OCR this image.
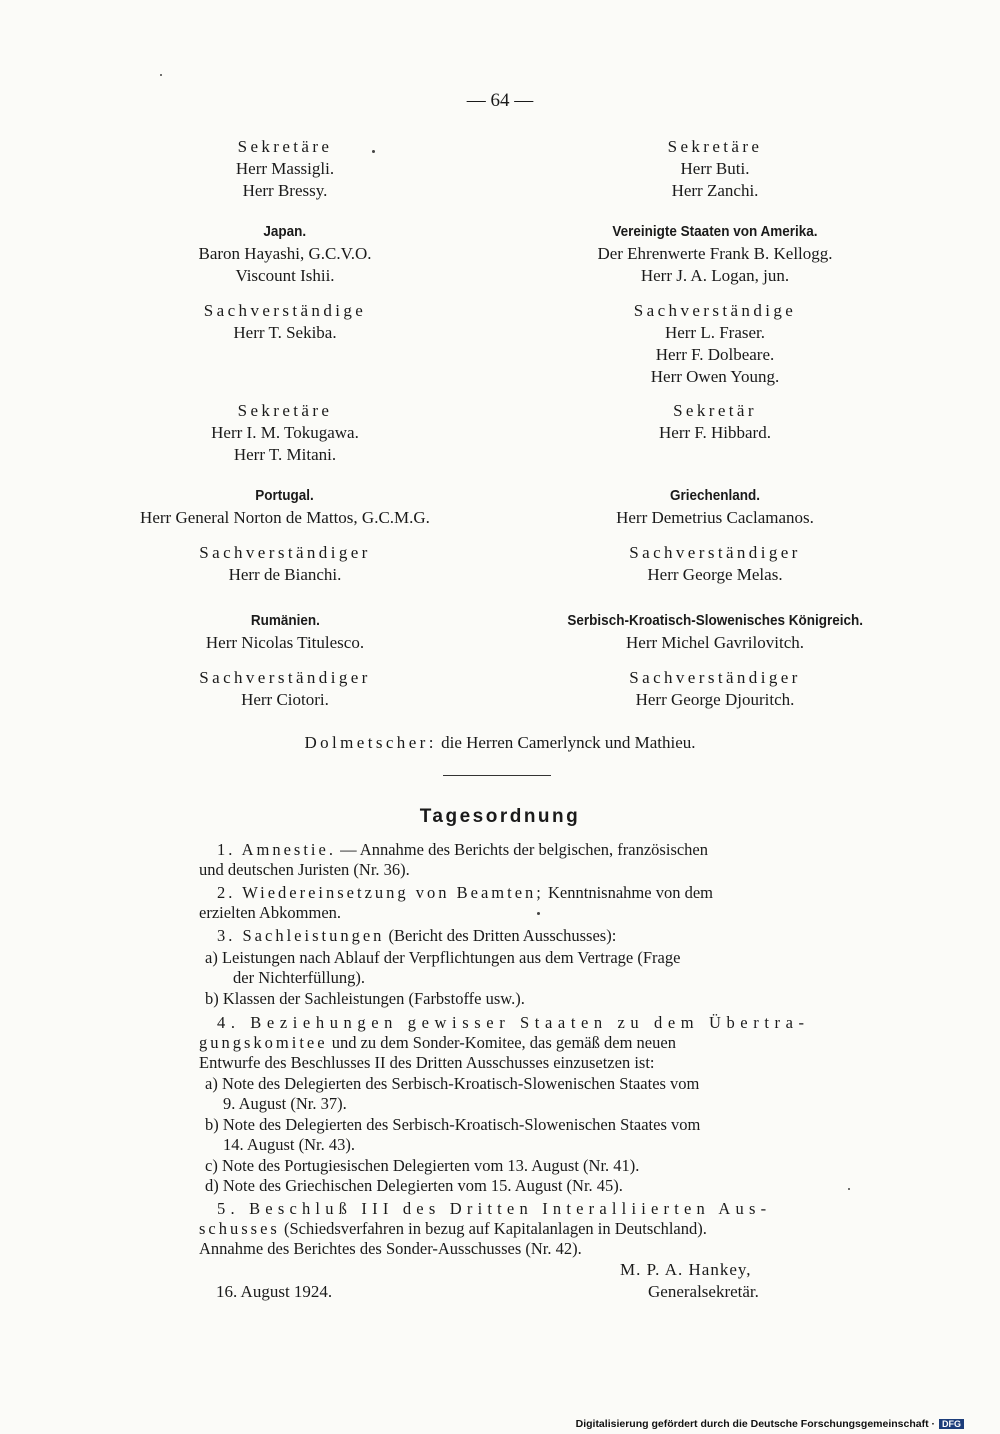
— 64 —
Sekretäre
Herr Massigli.
Herr Bressy.
Japan.
Baron Hayashi, G.C.V.O.
Viscount Ishii.
Sachverständige
Herr T. Sekiba.
Sekretäre
Herr I. M. Tokugawa.
Herr T. Mitani.
Portugal.
Herr General Norton de Mattos, G.C.M.G.
Sachverständiger
Herr de Bianchi.
Rumänien.
Herr Nicolas Titulesco.
Sachverständiger
Herr Ciotori.
Sekretäre
Herr Buti.
Herr Zanchi.
Vereinigte Staaten von Amerika.
Der Ehrenwerte Frank B. Kellogg.
Herr J. A. Logan, jun.
Sachverständige
Herr L. Fraser.
Herr F. Dolbeare.
Herr Owen Young.
Sekretär
Herr F. Hibbard.
Griechenland.
Herr Demetrius Caclamanos.
Sachverständiger
Herr George Melas.
Serbisch-Kroatisch-Slowenisches Königreich.
Herr Michel Gavrilovitch.
Sachverständiger
Herr George Djouritch.
Dolmetscher: die Herren Camerlynck und Mathieu.
Tagesordnung
1. Amnestie. — Annahme des Berichts der belgischen, französischen
und deutschen Juristen (Nr. 36).
2. Wiedereinsetzung von Beamten; Kenntnisnahme von dem
erzielten Abkommen.
3. Sachleistungen (Bericht des Dritten Ausschusses):
a) Leistungen nach Ablauf der Verpflichtungen aus dem Vertrage (Frage
der Nichterfüllung).
b) Klassen der Sachleistungen (Farbstoffe usw.).
4. Beziehungen gewisser Staaten zu dem Übertra-
gungskomitee und zu dem Sonder-Komitee, das gemäß dem neuen
Entwurfe des Beschlusses II des Dritten Ausschusses einzusetzen ist:
a) Note des Delegierten des Serbisch-Kroatisch-Slowenischen Staates vom
9. August (Nr. 37).
b) Note des Delegierten des Serbisch-Kroatisch-Slowenischen Staates vom
14. August (Nr. 43).
c) Note des Portugiesischen Delegierten vom 13. August (Nr. 41).
d) Note des Griechischen Delegierten vom 15. August (Nr. 45).
5. Beschluß III des Dritten Interalliierten Aus-
schusses (Schiedsverfahren in bezug auf Kapitalanlagen in Deutschland).
Annahme des Berichtes des Sonder-Ausschusses (Nr. 42).
M. P. A. Hankey,
Generalsekretär.
16. August 1924.
Digitalisierung gefördert durch die Deutsche Forschungsgemeinschaft · DFG
